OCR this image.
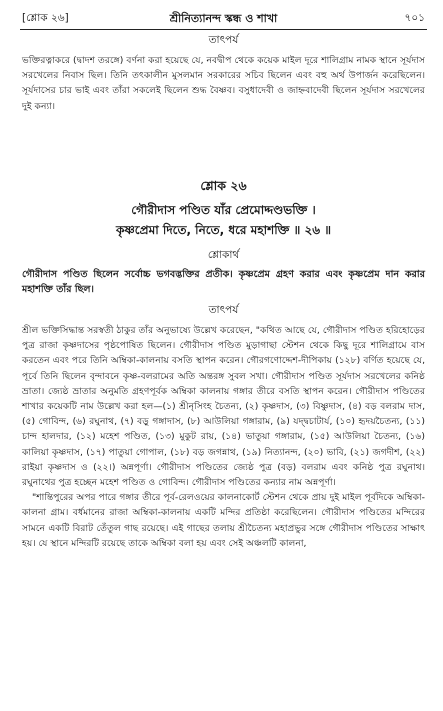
[শ্লোক ২৬]	শ্রীনিত্যানন্দ স্কন্ধ ও শাখা	৭০১
তাৎপর্য

ভক্তিরত্নাকরে (দ্বাদশ তরঙ্গে) বর্ণনা করা হয়েছে যে, নবদ্বীপ থেকে কয়েক মাইল দূরে শালিগ্রাম নামক স্থানে সূর্যদাস সরখেলের নিবাস ছিল। তিনি তৎকালীন মুসলমান সরকারের সচিব ছিলেন এবং বহু অর্থ উপার্জন করেছিলেন। সূর্যদাসের চার ভাই এবং তাঁরা সকলেই ছিলেন শুদ্ধ বৈষ্ণব। বসুধাদেবী ও জাহ্নবাদেবী ছিলেন সূর্যদাস সরখেলের দুই কন্যা।

শ্লোক ২৬

গৌরীদাস পণ্ডিত যাঁর প্রেমোদ্দণ্ডভক্তি ।

কৃষ্ণপ্রেমা দিতে, নিতে, ধরে মহাশক্তি ॥ ২৬ ॥

শ্লোকার্থ

গৌরীদাস পণ্ডিত ছিলেন সর্বোচ্চ ভগবদ্ভক্তির প্রতীক। কৃষ্ণপ্রেম গ্রহণ করার এবং কৃষ্ণপ্রেম দান করার মহাশক্তি তাঁর ছিল।

তাৎপর্য

শ্রীল ভক্তিসিদ্ধান্ত সরস্বতী ঠাকুর তাঁর অনুভাষ্যে উল্লেখ করেছেন, "কথিত আছে যে, গৌরীদাস পণ্ডিত হরিহোড়ের পুত্র রাজা কৃষ্ণদাসের পৃষ্ঠপোষিত ছিলেন। গৌরীদাস পণ্ডিত মুড়াগাছা স্টেশন থেকে কিছু দূরে শালিগ্রামে বাস করতেন এবং পরে তিনি অম্বিকা-কালনায় বসতি স্থাপন করেন। গৌরগণোদ্দেশ-দীপিকায় (১২৮) বর্ণিত হয়েছে যে, পূর্বে তিনি ছিলেন বৃন্দাবনে কৃষ্ণ-বলরামের অতি অন্তরঙ্গ সুবল সখা। গৌরীদাস পণ্ডিত সূর্যদাস সরখেলের কনিষ্ঠ ভ্রাতা। জ্যেষ্ঠ ভ্রাতার অনুমতি গ্রহণপূর্বক অম্বিকা কালনায় গঙ্গার তীরে বসতি স্থাপন করেন। গৌরীদাস পণ্ডিতের শাখার কয়েকটি নাম উল্লেখ করা হল—(১) শ্রীনৃসিংহ চৈতন্য, (২) কৃষ্ণদাস, (৩) বিষ্ণুদাস, (৪) বড় বলরাম দাস, (৫) গোবিন্দ, (৬) রঘুনাথ, (৭) বড়ু গঙ্গাদাস, (৮) আউলিয়া গঙ্গারাম, (৯) যদ্দ্বচাটার্য, (১০) হৃদয়চৈতন্য, (১১) চান্দ হালদার, (১২) মহেশ পণ্ডিত, (১৩) মুকুট রায়, (১৪) ভাতুয়া গঙ্গারাম, (১৫) আউলিয়া চৈতন্য, (১৬) কালিয়া কৃষ্ণদাস, (১৭) পাতুয়া গোপাল, (১৮) বড় জগন্নাথ, (১৯) নিত্যানন্দ, (২০) ভাবি, (২১) জগদীশ, (২২) রাইয়া কৃষ্ণদাস ও (২২।) অন্নপূর্ণা। গৌরীদাস পণ্ডিতের জ্যেষ্ঠ পুত্র (বড়) বলরাম এবং কনিষ্ঠ পুত্র রঘুনাথ। রঘুনাথের পুত্র হচ্ছেন মহেশ পণ্ডিত ও গোবিন্দ। গৌরীদাস পণ্ডিতের কন্যার নাম অন্নপূর্ণা।

"শান্তিপুরের অপর পারে গঙ্গার তীরে পূর্ব-রেলওয়ের কালনাকোর্ট স্টেশন থেকে প্রায় দুই মাইল পূর্বদিকে অম্বিকা-কালনা গ্রাম। বর্ধমানের রাজা অম্বিকা-কালনায় একটি মন্দির প্রতিষ্ঠা করেছিলেন। গৌরীদাস পণ্ডিতের মন্দিরের সামনে একটি বিরাট তেঁতুল গাছ রয়েছে। এই গাছের তলায় শ্রীচৈতন্য মহাপ্রভুর সঙ্গে গৌরীদাস পণ্ডিতের সাক্ষাৎ হয়। যে স্থানে মন্দিরটি রয়েছে তাকে অম্বিকা বলা হয় এবং সেই অঞ্চলটি কালনা,
